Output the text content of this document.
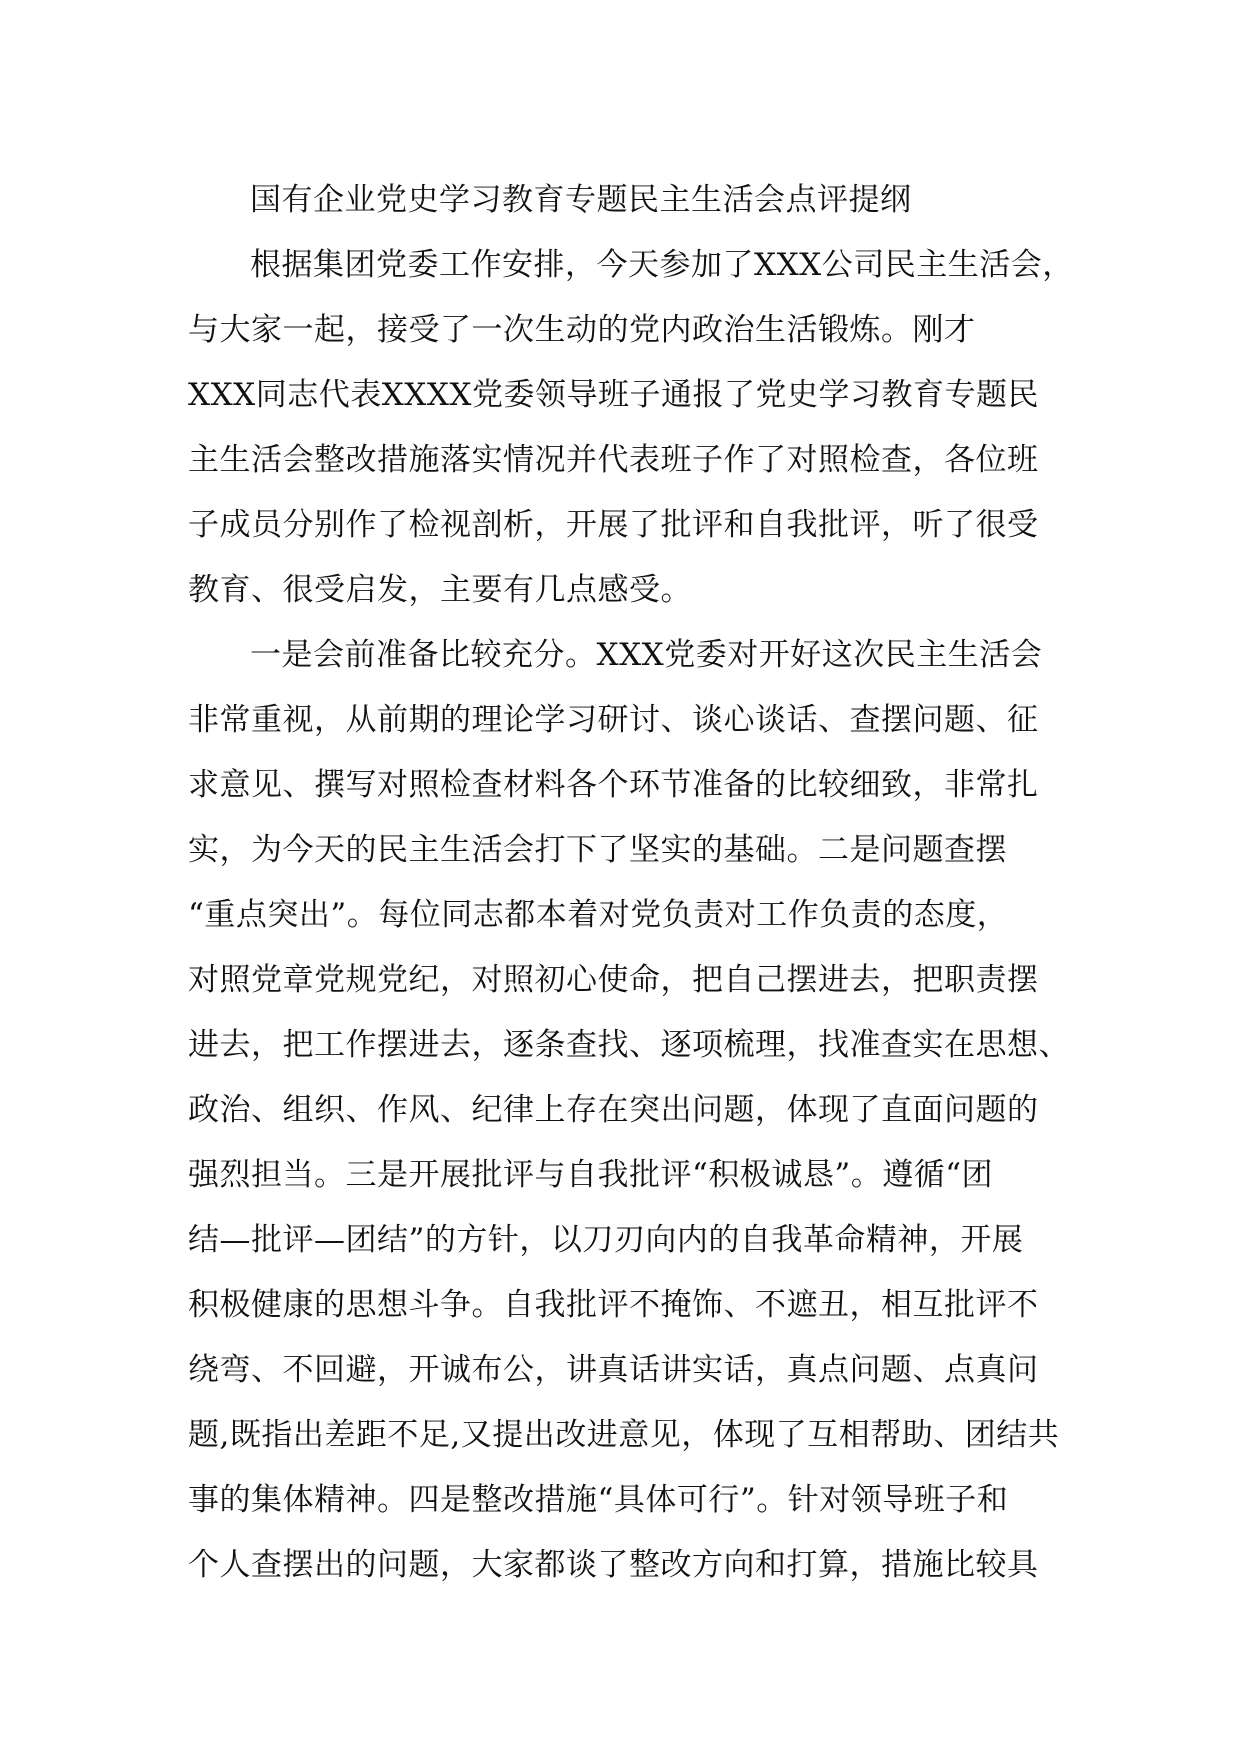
国有企业党史学习教育专题民主生活会点评提纲
根据集团党委工作安排，今天参加了XXX公司民主生活会，
与大家一起，接受了一次生动的党内政治生活锻炼。刚才
XXX同志代表XXXX党委领导班子通报了党史学习教育专题民
主生活会整改措施落实情况并代表班子作了对照检查，各位班
子成员分别作了检视剖析，开展了批评和自我批评，听了很受
教育、很受启发，主要有几点感受。
一是会前准备比较充分。XXX党委对开好这次民主生活会
非常重视，从前期的理论学习研讨、谈心谈话、查摆问题、征
求意见、撰写对照检查材料各个环节准备的比较细致，非常扎
实，为今天的民主生活会打下了坚实的基础。二是问题查摆
“重点突出”。每位同志都本着对党负责对工作负责的态度，
对照党章党规党纪，对照初心使命，把自己摆进去，把职责摆
进去，把工作摆进去，逐条查找、逐项梳理，找准查实在思想、
政治、组织、作风、纪律上存在突出问题，体现了直面问题的
强烈担当。三是开展批评与自我批评“积极诚恳”。遵循“团
结—批评—团结”的方针，以刀刃向内的自我革命精神，开展
积极健康的思想斗争。自我批评不掩饰、不遮丑，相互批评不
绕弯、不回避，开诚布公，讲真话讲实话，真点问题、点真问
题,既指出差距不足,又提出改进意见，体现了互相帮助、团结共
事的集体精神。四是整改措施“具体可行”。针对领导班子和
个人查摆出的问题，大家都谈了整改方向和打算，措施比较具
